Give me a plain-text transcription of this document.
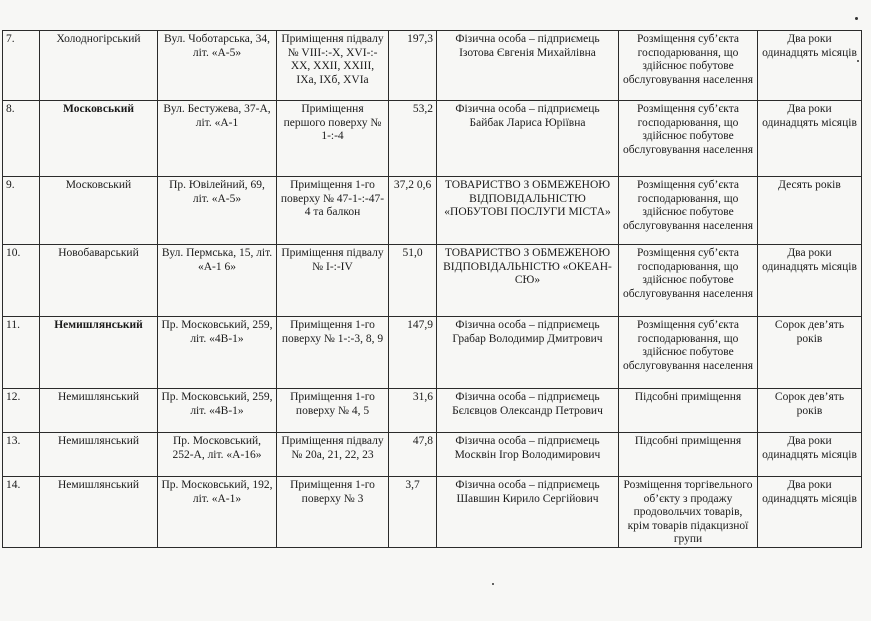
7.	Холодногірський	Вул. Чоботарська, 34, літ. «А-5»	Приміщення підвалу № VIII-:-Х, XVI-:-XX, XXII, XXIII, IXа, IXб, XVIа	197,3	Фізична особа – підприємець Ізотова Євгенія Михайлівна	Розміщення суб’єкта господарювання, що здійснює побутове обслуговування населення	Два роки одинадцять місяців
8.	Московський	Вул. Бестужева, 37-А, літ. «А-1	Приміщення першого поверху № 1-:-4	53,2	Фізична особа – підприємець Байбак Лариса Юріївна	Розміщення суб’єкта господарювання, що здійснює побутове обслуговування населення	Два роки одинадцять місяців
9.	Московський	Пр. Ювілейний, 69, літ. «А-5»	Приміщення 1-го поверху № 47-1-:-47-4 та балкон	37,2 0,6	ТОВАРИСТВО З ОБМЕЖЕНОЮ ВІДПОВІДАЛЬНІСТЮ «ПОБУТОВІ ПОСЛУГИ МІСТА»	Розміщення суб’єкта господарювання, що здійснює побутове обслуговування населення	Десять років
10.	Новобаварський	Вул. Пермська, 15, літ. «А-1 6»	Приміщення підвалу № I-:-IV	51,0	ТОВАРИСТВО З ОБМЕЖЕНОЮ ВІДПОВІДАЛЬНІСТЮ «ОКЕАН-СЮ»	Розміщення суб’єкта господарювання, що здійснює побутове обслуговування населення	Два роки одинадцять місяців
11.	Немишлянський	Пр. Московський, 259, літ. «4В-1»	Приміщення 1-го поверху № 1-:-3, 8, 9	147,9	Фізична особа – підприємець Грабар Володимир Дмитрович	Розміщення суб’єкта господарювання, що здійснює побутове обслуговування населення	Сорок дев’ять років
12.	Немишлянський	Пр. Московський, 259, літ. «4В-1»	Приміщення 1-го поверху № 4, 5	31,6	Фізична особа – підприємець Бєлєвцов Олександр Петрович	Підсобні приміщення	Сорок дев’ять років
13.	Немишлянський	Пр. Московський, 252-А, літ. «А-16»	Приміщення підвалу № 20а, 21, 22, 23	47,8	Фізична особа – підприємець Москвін Ігор Володимирович	Підсобні приміщення	Два роки одинадцять місяців
14.	Немишлянський	Пр. Московський, 192, літ. «А-1»	Приміщення 1-го поверху № 3	3,7	Фізична особа – підприємець Шавшин Кирило Сергійович	Розміщення торгівельного об’єкту з продажу продовольчих товарів, крім товарів підакцизної групи	Два роки одинадцять місяців
